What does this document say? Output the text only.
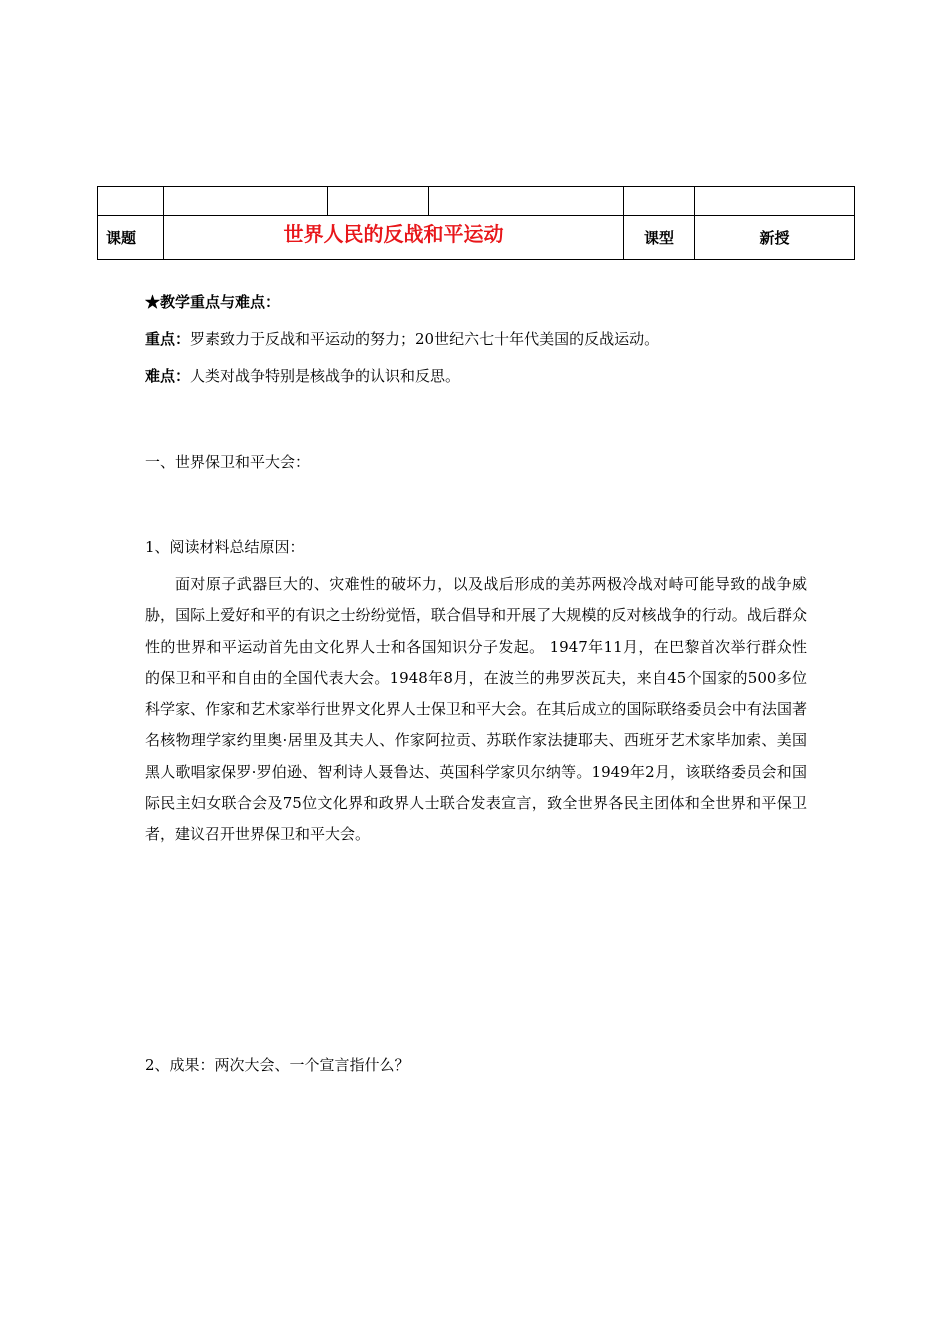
课题	世界人民的反战和平运动			课型	新授
★教学重点与难点：
重点：罗素致力于反战和平运动的努力；20世纪六七十年代美国的反战运动。
难点：人类对战争特别是核战争的认识和反思。
一、世界保卫和平大会：
1、阅读材料总结原因：
面对原子武器巨大的、灾难性的破坏力，以及战后形成的美苏两极冷战对峙可能导致的战争威胁，国际上爱好和平的有识之士纷纷觉悟，联合倡导和开展了大规模的反对核战争的行动。战后群众性的世界和平运动首先由文化界人士和各国知识分子发起。 1947年11月，在巴黎首次举行群众性的保卫和平和自由的全国代表大会。1948年8月，在波兰的弗罗茨瓦夫，来自45个国家的500多位科学家、作家和艺术家举行世界文化界人士保卫和平大会。在其后成立的国际联络委员会中有法国著名核物理学家约里奥·居里及其夫人、作家阿拉贡、苏联作家法捷耶夫、西班牙艺术家毕加索、美国黑人歌唱家保罗·罗伯逊、智利诗人聂鲁达、英国科学家贝尔纳等。1949年2月，该联络委员会和国际民主妇女联合会及75位文化界和政界人士联合发表宣言，致全世界各民主团体和全世界和平保卫者，建议召开世界保卫和平大会。
2、成果：两次大会、一个宣言指什么？
